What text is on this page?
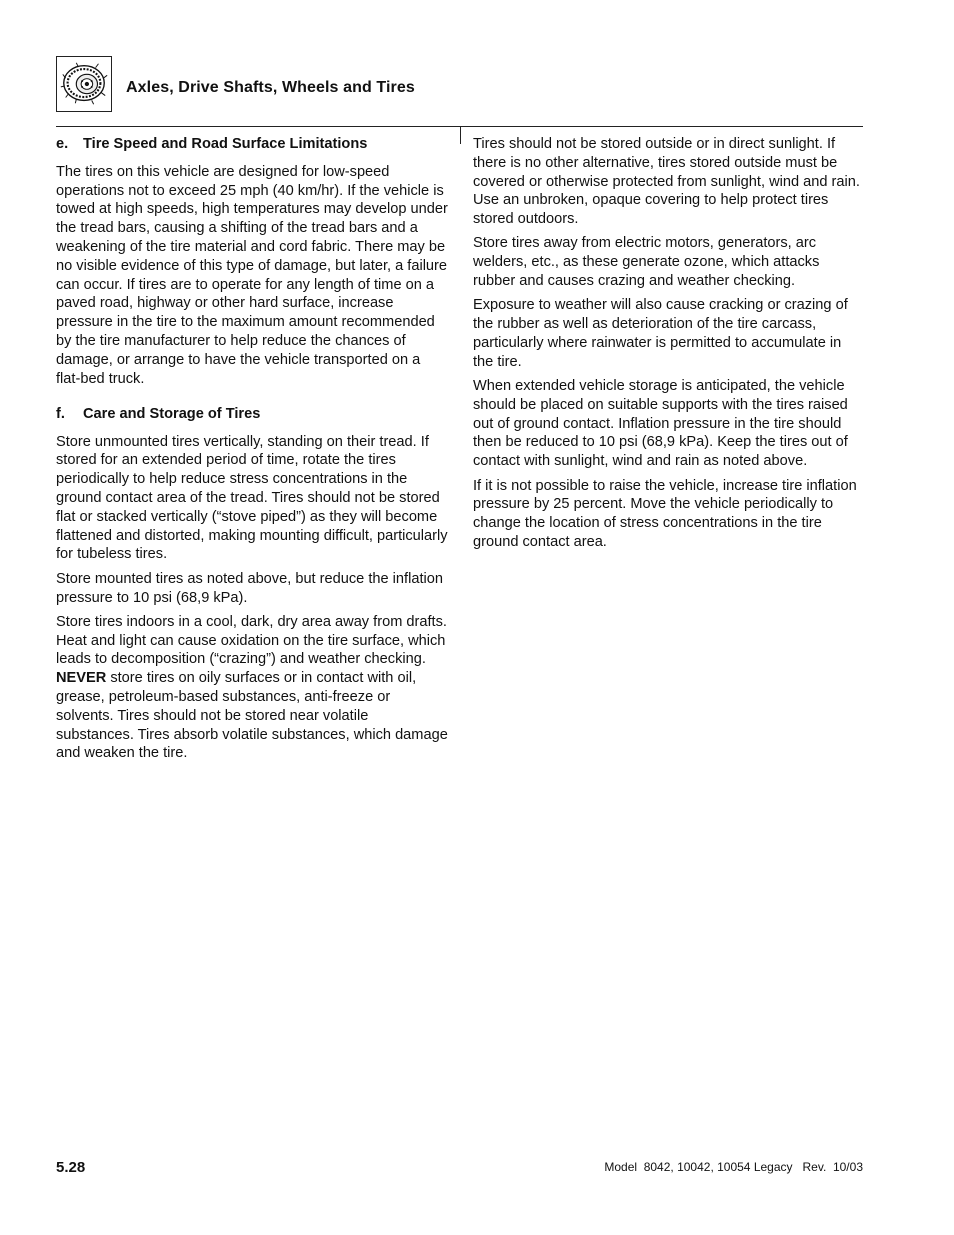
Axles, Drive Shafts, Wheels and Tires
e. Tire Speed and Road Surface Limitations

The tires on this vehicle are designed for low-speed operations not to exceed 25 mph (40 km/hr). If the vehicle is towed at high speeds, high temperatures may develop under the tread bars, causing a shifting of the tread bars and a weakening of the tire material and cord fabric. There may be no visible evidence of this type of damage, but later, a failure can occur. If tires are to operate for any length of time on a paved road, highway or other hard surface, increase pressure in the tire to the maximum amount recommended by the tire manufacturer to help reduce the chances of damage, or arrange to have the vehicle transported on a flat-bed truck.

f. Care and Storage of Tires

Store unmounted tires vertically, standing on their tread. If stored for an extended period of time, rotate the tires periodically to help reduce stress concentrations in the ground contact area of the tread. Tires should not be stored flat or stacked vertically (“stove piped”) as they will become flattened and distorted, making mounting difficult, particularly for tubeless tires.

Store mounted tires as noted above, but reduce the inflation pressure to 10 psi (68,9 kPa).

Store tires indoors in a cool, dark, dry area away from drafts. Heat and light can cause oxidation on the tire surface, which leads to decomposition (“crazing”) and weather checking. NEVER store tires on oily surfaces or in contact with oil, grease, petroleum-based substances, anti-freeze or solvents. Tires should not be stored near volatile substances. Tires absorb volatile substances, which damage and weaken the tire.

Tires should not be stored outside or in direct sunlight. If there is no other alternative, tires stored outside must be covered or otherwise protected from sunlight, wind and rain. Use an unbroken, opaque covering to help protect tires stored outdoors.

Store tires away from electric motors, generators, arc welders, etc., as these generate ozone, which attacks rubber and causes crazing and weather checking.

Exposure to weather will also cause cracking or crazing of the rubber as well as deterioration of the tire carcass, particularly where rainwater is permitted to accumulate in the tire.

When extended vehicle storage is anticipated, the vehicle should be placed on suitable supports with the tires raised out of ground contact. Inflation pressure in the tire should then be reduced to 10 psi (68,9 kPa). Keep the tires out of contact with sunlight, wind and rain as noted above.

If it is not possible to raise the vehicle, increase tire inflation pressure by 25 percent. Move the vehicle periodically to change the location of stress concentrations in the tire ground contact area.

5.28	Model  8042, 10042, 10054 Legacy   Rev.  10/03
